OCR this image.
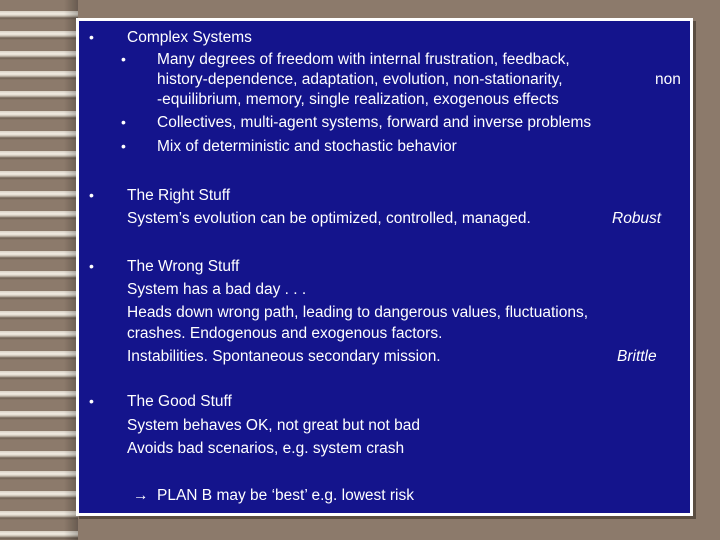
• Complex Systems
• Many degrees of freedom with internal frustration, feedback,
history-dependence, adaptation, evolution, non-stationarity,	non
-equilibrium, memory, single realization, exogenous effects
• Collectives, multi-agent systems, forward and inverse problems
• Mix of deterministic and stochastic behavior
• The Right Stuff
System’s evolution can be optimized, controlled, managed.	Robust
• The Wrong Stuff
System has a bad day . . .
Heads down wrong path, leading to dangerous values, fluctuations,
crashes. Endogenous and exogenous factors.
Instabilities. Spontaneous secondary mission.	Brittle
• The Good Stuff
System behaves OK, not great but not bad
Avoids bad scenarios, e.g. system crash
→ PLAN B may be ‘best’ e.g. lowest risk
